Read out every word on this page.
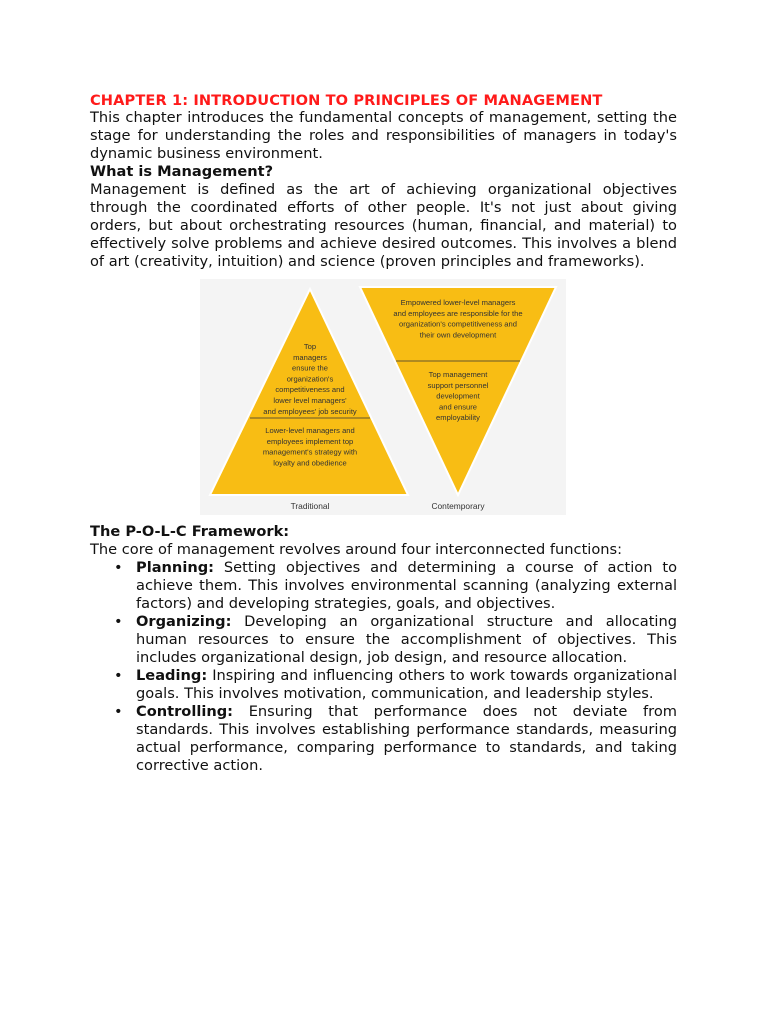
CHAPTER 1: INTRODUCTION TO PRINCIPLES OF MANAGEMENT

This chapter introduces the fundamental concepts of management, setting the stage for understanding the roles and responsibilities of managers in today's dynamic business environment.

What is Management?

Management is defined as the art of achieving organizational objectives through the coordinated efforts of other people. It's not just about giving orders, but about orchestrating resources (human, financial, and material) to effectively solve problems and achieve desired outcomes. This involves a blend of art (creativity, intuition) and science (proven principles and frameworks).

Top managers ensure the organization's competitiveness and lower level managers' and employees' job security
Lower-level managers and employees implement top management's strategy with loyalty and obedience
Traditional
Empowered lower-level managers and employees are responsible for the organization's competitiveness and their own development
Top management support personnel development and ensure employability
Contemporary
The P-O-L-C Framework:

The core of management revolves around four interconnected functions:

• Planning: Setting objectives and determining a course of action to achieve them. This involves environmental scanning (analyzing external factors) and developing strategies, goals, and objectives.
• Organizing: Developing an organizational structure and allocating human resources to ensure the accomplishment of objectives. This includes organizational design, job design, and resource allocation.
• Leading: Inspiring and influencing others to work towards organizational goals. This involves motivation, communication, and leadership styles.
• Controlling: Ensuring that performance does not deviate from standards. This involves establishing performance standards, measuring actual performance, comparing performance to standards, and taking corrective action.
